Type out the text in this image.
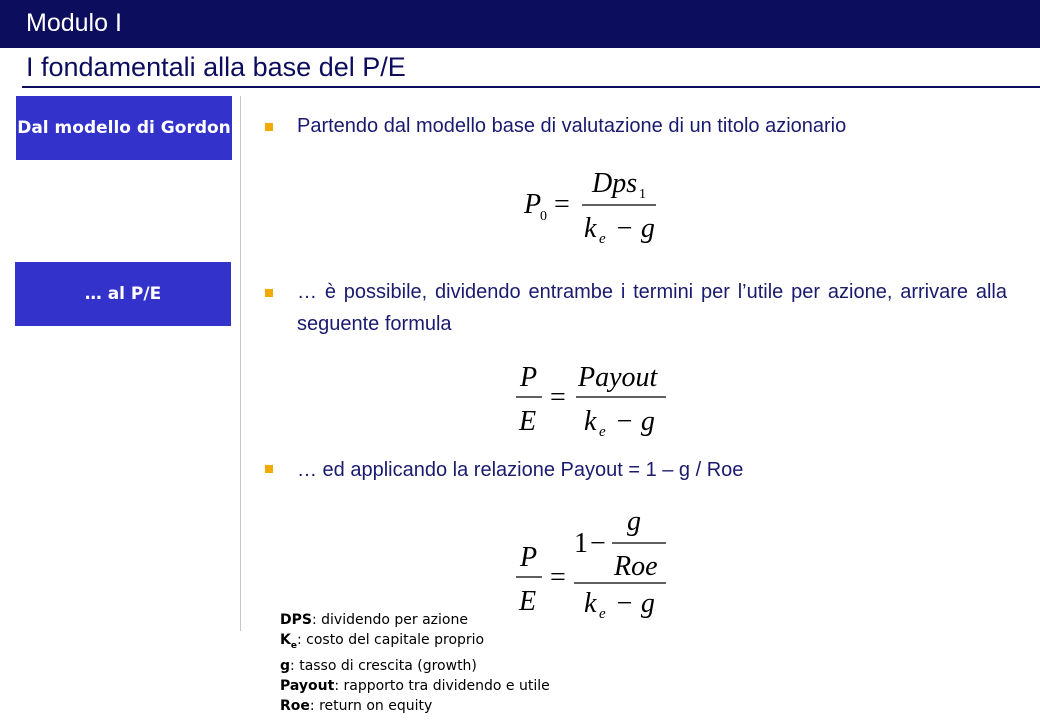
Modulo I
I fondamentali alla base del P/E
Dal modello di Gordon
… al P/E
Partendo dal modello base di valutazione di un titolo azionario
… è possibile, dividendo entrambe i termini per l’utile per azione, arrivare alla seguente formula
… ed applicando la relazione Payout = 1 – g / Roe
P
0 =
Dps 1
k e − g
P
E
=
Payout
k e − g
P
E
=
1 −
g
Roe
k e − g
DPS: dividendo per azione
$K_e$: costo del capitale proprio
g: tasso di crescita (growth)
Payout: rapporto tra dividendo e utile
Roe: return on equity
